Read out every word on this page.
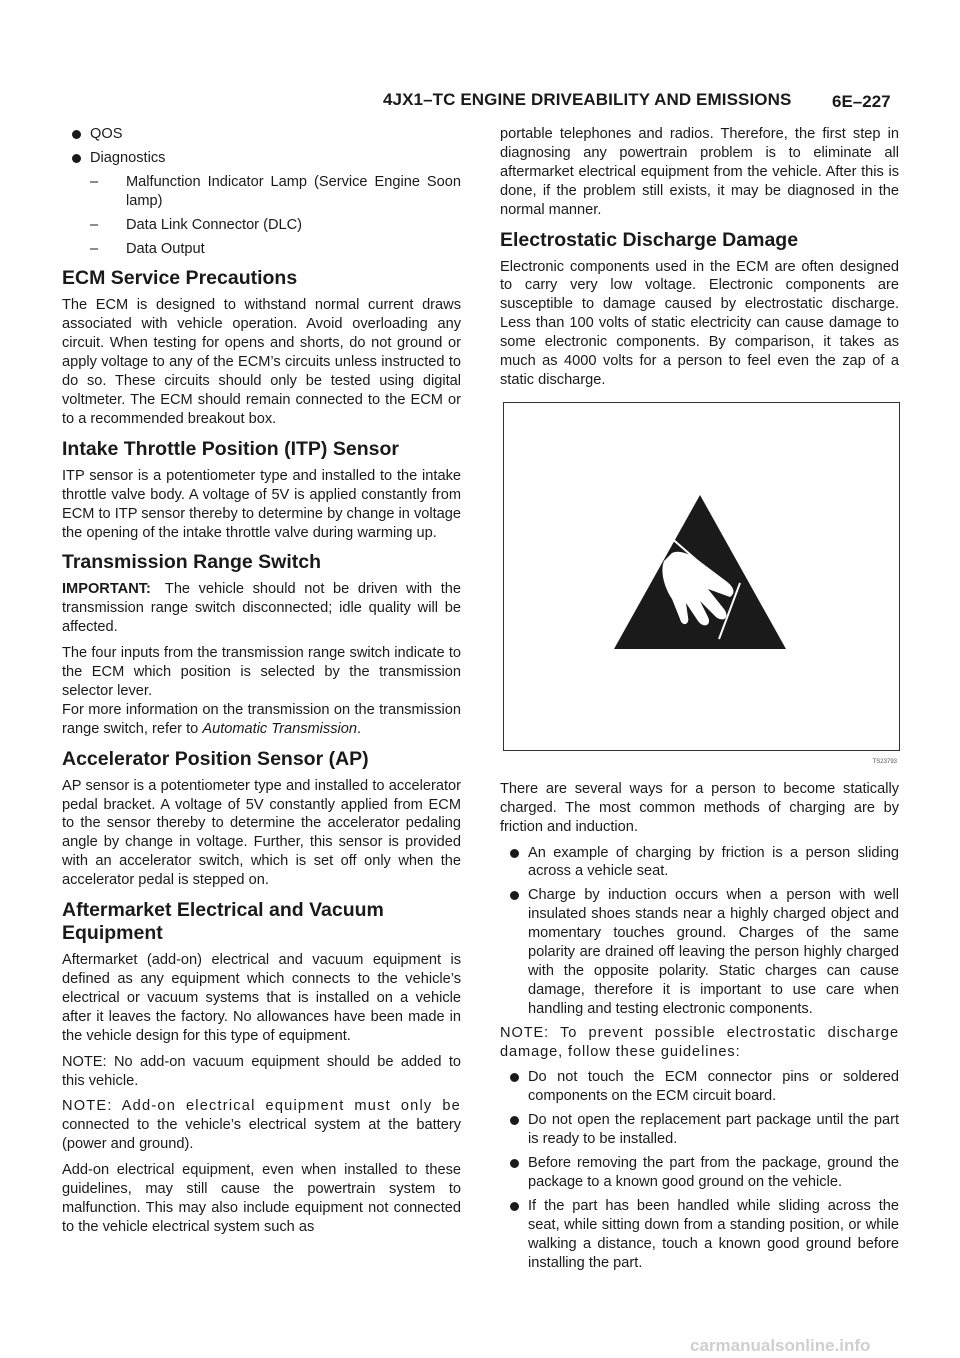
4JX1–TC ENGINE DRIVEABILITY AND EMISSIONS 6E–227
QOS
Diagnostics
– Malfunction Indicator Lamp (Service Engine Soon lamp)
– Data Link Connector (DLC)
– Data Output
ECM Service Precautions

The ECM is designed to withstand normal current draws associated with vehicle operation. Avoid overloading any circuit. When testing for opens and shorts, do not ground or apply voltage to any of the ECM’s circuits unless instructed to do so. These circuits should only be tested using digital voltmeter. The ECM should remain connected to the ECM or to a recommended breakout box.

Intake Throttle Position (ITP) Sensor

ITP sensor is a potentiometer type and installed to the intake throttle valve body. A voltage of 5V is applied constantly from ECM to ITP sensor thereby to determine by change in voltage the opening of the intake throttle valve during warming up.

Transmission Range Switch

IMPORTANT: The vehicle should not be driven with the transmission range switch disconnected; idle quality will be affected.

The four inputs from the transmission range switch indicate to the ECM which position is selected by the transmission selector lever.

For more information on the transmission on the transmission range switch, refer to Automatic Transmission.

Accelerator Position Sensor (AP)

AP sensor is a potentiometer type and installed to accelerator pedal bracket. A voltage of 5V constantly applied from ECM to the sensor thereby to determine the accelerator pedaling angle by change in voltage. Further, this sensor is provided with an accelerator switch, which is set off only when the accelerator pedal is stepped on.

Aftermarket Electrical and Vacuum Equipment

Aftermarket (add-on) electrical and vacuum equipment is defined as any equipment which connects to the vehicle’s electrical or vacuum systems that is installed on a vehicle after it leaves the factory. No allowances have been made in the vehicle design for this type of equipment.

NOTE: No add-on vacuum equipment should be added to this vehicle.

NOTE: Add-on electrical equipment must only be connected to the vehicle’s electrical system at the battery (power and ground).

Add-on electrical equipment, even when installed to these guidelines, may still cause the powertrain system to malfunction. This may also include equipment not connected to the vehicle electrical system such as

portable telephones and radios. Therefore, the first step in diagnosing any powertrain problem is to eliminate all aftermarket electrical equipment from the vehicle. After this is done, if the problem still exists, it may be diagnosed in the normal manner.

Electrostatic Discharge Damage

Electronic components used in the ECM are often designed to carry very low voltage. Electronic components are susceptible to damage caused by electrostatic discharge. Less than 100 volts of static electricity can cause damage to some electronic components. By comparison, it takes as much as 4000 volts for a person to feel even the zap of a static discharge.

TS23793

There are several ways for a person to become statically charged. The most common methods of charging are by friction and induction.

An example of charging by friction is a person sliding across a vehicle seat.
Charge by induction occurs when a person with well insulated shoes stands near a highly charged object and momentary touches ground. Charges of the same polarity are drained off leaving the person highly charged with the opposite polarity. Static charges can cause damage, therefore it is important to use care when handling and testing electronic components.

NOTE: To prevent possible electrostatic discharge damage, follow these guidelines:

Do not touch the ECM connector pins or soldered components on the ECM circuit board.
Do not open the replacement part package until the part is ready to be installed.
Before removing the part from the package, ground the package to a known good ground on the vehicle.
If the part has been handled while sliding across the seat, while sitting down from a standing position, or while walking a distance, touch a known good ground before installing the part.
carmanualsonline.info
